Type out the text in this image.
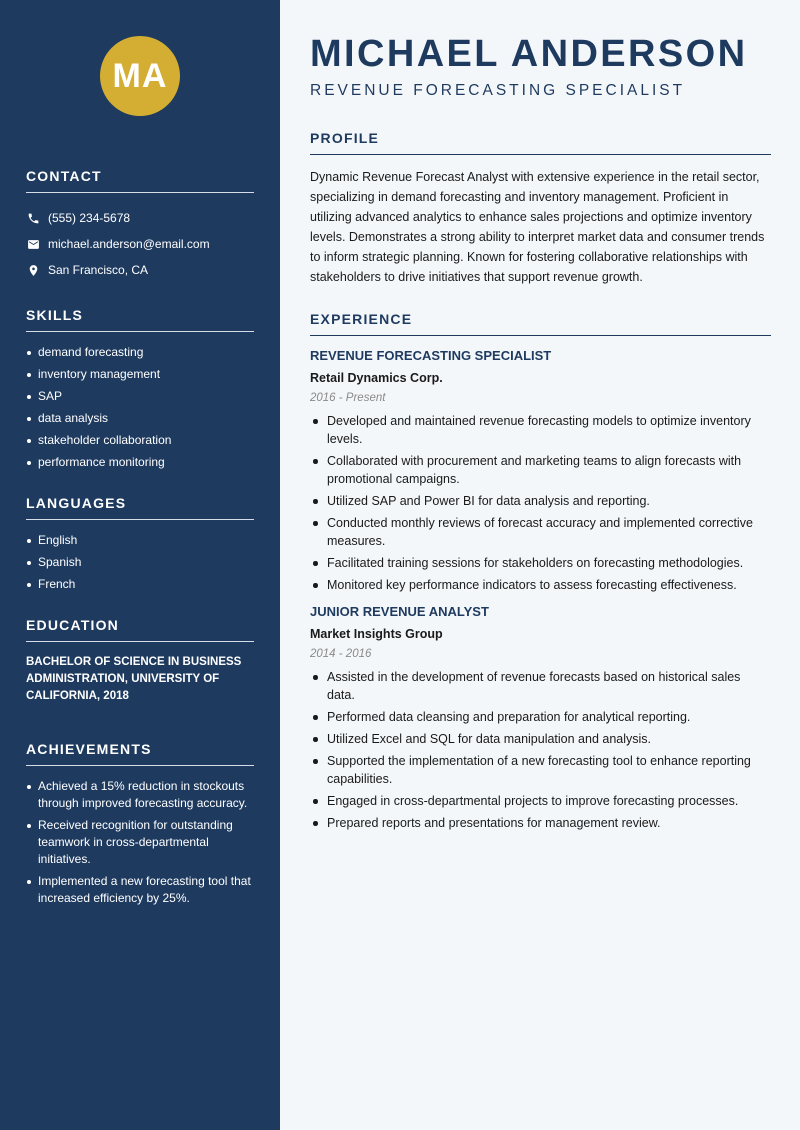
MA
CONTACT
(555) 234-5678
michael.anderson@email.com
San Francisco, CA
SKILLS
demand forecasting
inventory management
SAP
data analysis
stakeholder collaboration
performance monitoring
LANGUAGES
English
Spanish
French
EDUCATION

BACHELOR OF SCIENCE IN BUSINESS ADMINISTRATION, UNIVERSITY OF CALIFORNIA, 2018

ACHIEVEMENTS
Achieved a 15% reduction in stockouts through improved forecasting accuracy.
Received recognition for outstanding teamwork in cross-departmental initiatives.
Implemented a new forecasting tool that increased efficiency by 25%.
MICHAEL ANDERSON
REVENUE FORECASTING SPECIALIST
PROFILE

Dynamic Revenue Forecast Analyst with extensive experience in the retail sector, specializing in demand forecasting and inventory management. Proficient in utilizing advanced analytics to enhance sales projections and optimize inventory levels. Demonstrates a strong ability to interpret market data and consumer trends to inform strategic planning. Known for fostering collaborative relationships with stakeholders to drive initiatives that support revenue growth.

EXPERIENCE
REVENUE FORECASTING SPECIALIST
Retail Dynamics Corp.
2016 - Present
Developed and maintained revenue forecasting models to optimize inventory levels.
Collaborated with procurement and marketing teams to align forecasts with promotional campaigns.
Utilized SAP and Power BI for data analysis and reporting.
Conducted monthly reviews of forecast accuracy and implemented corrective measures.
Facilitated training sessions for stakeholders on forecasting methodologies.
Monitored key performance indicators to assess forecasting effectiveness.
JUNIOR REVENUE ANALYST
Market Insights Group
2014 - 2016
Assisted in the development of revenue forecasts based on historical sales data.
Performed data cleansing and preparation for analytical reporting.
Utilized Excel and SQL for data manipulation and analysis.
Supported the implementation of a new forecasting tool to enhance reporting capabilities.
Engaged in cross-departmental projects to improve forecasting processes.
Prepared reports and presentations for management review.
